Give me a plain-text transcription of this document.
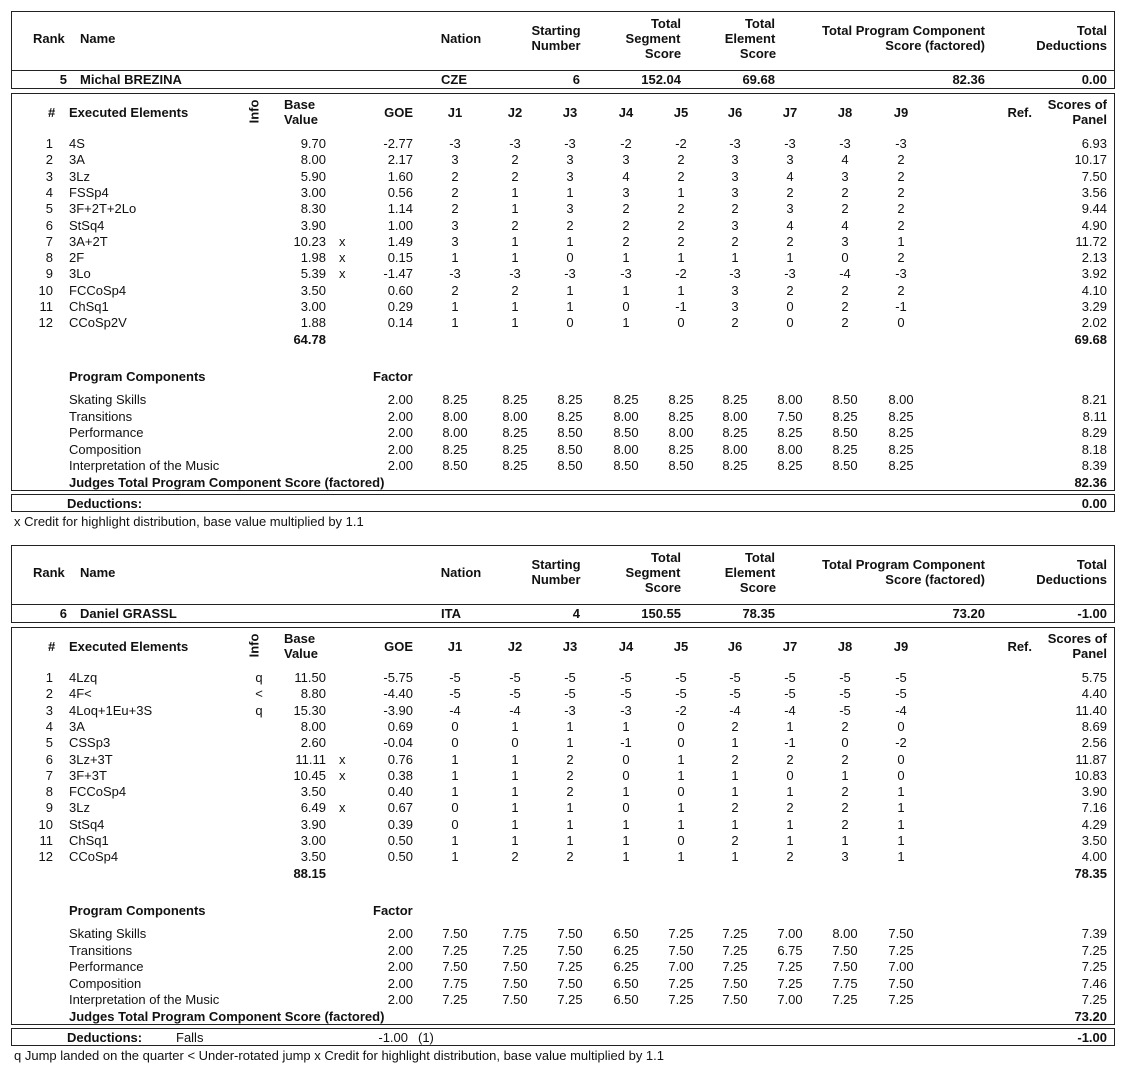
Rank Name	Nation
Starting
Number
Total
Segment
Score
Total
Element
Score
Total Program Component
Score (factored)
Total
Deductions
5 Michal BREZINA	CZE	6	152.04	69.68	82.36	0.00
# Executed Elements	Info Base
Value	GOE	J1	J2	J3	J4	J5	J6	J7	J8	J9	Ref.
Scores of
Panel
1 4S	9.70	-2.77	-3	-3	-3	-2	-2	-3	-3	-3	-3	6.93
2 3A	8.00	2.17	3	2	3	3	2	3	3	4	2	10.17
3 3Lz	5.90	1.60	2	2	3	4	2	3	4	3	2	7.50
4 FSSp4	3.00	0.56	2	1	1	3	1	3	2	2	2	3.56
5 3F+2T+2Lo	8.30	1.14	2	1	3	2	2	2	3	2	2	9.44
6 StSq4	3.90	1.00	3	2	2	2	2	3	4	4	2	4.90
7 3A+2T	10.23 x	1.49	3	1	1	2	2	2	2	3	1	11.72
8 2F	1.98 x	0.15	1	1	0	1	1	1	1	0	2	2.13
9 3Lo	5.39 x	-1.47	-3	-3	-3	-3	-2	-3	-3	-4	-3	3.92
10 FCCoSp4	3.50	0.60	2	2	1	1	1	3	2	2	2	4.10
11 ChSq1	3.00	0.29	1	1	1	0	-1	3	0	2	-1	3.29
12 CCoSp2V	1.88	0.14	1	1	0	1	0	2	0	2	0	2.02
64.78	69.68
Program Components	Factor
Skating Skills	2.00	8.25	8.25	8.25	8.25	8.25	8.25	8.00	8.50	8.00	8.21
Transitions	2.00	8.00	8.00	8.25	8.00	8.25	8.00	7.50	8.25	8.25	8.11
Performance	2.00	8.00	8.25	8.50	8.50	8.00	8.25	8.25	8.50	8.25	8.29
Composition	2.00	8.25	8.25	8.50	8.00	8.25	8.00	8.00	8.25	8.25	8.18
Interpretation of the Music	2.00	8.50	8.25	8.50	8.50	8.50	8.25	8.25	8.50	8.25	8.39
Judges Total Program Component Score (factored)	82.36
Deductions:	0.00
x Credit for highlight distribution, base value multiplied by 1.1
Rank Name	Nation
Starting
Number
Total
Segment
Score
Total
Element
Score
Total Program Component
Score (factored)
Total
Deductions
6 Daniel GRASSL	ITA	4	150.55	78.35	73.20	-1.00
# Executed Elements	Info Base
Value	GOE	J1	J2	J3	J4	J5	J6	J7	J8	J9	Ref.
Scores of
Panel
1 4Lzq	q	11.50	-5.75	-5	-5	-5	-5	-5	-5	-5	-5	-5	5.75
2 4F<	<	8.80	-4.40	-5	-5	-5	-5	-5	-5	-5	-5	-5	4.40
3 4Loq+1Eu+3S	q	15.30	-3.90	-4	-4	-3	-3	-2	-4	-4	-5	-4	11.40
4 3A	8.00	0.69	0	1	1	1	0	2	1	2	0	8.69
5 CSSp3	2.60	-0.04	0	0	1	-1	0	1	-1	0	-2	2.56
6 3Lz+3T	11.11 x	0.76	1	1	2	0	1	2	2	2	0	11.87
7 3F+3T	10.45 x	0.38	1	1	2	0	1	1	0	1	0	10.83
8 FCCoSp4	3.50	0.40	1	1	2	1	0	1	1	2	1	3.90
9 3Lz	6.49 x	0.67	0	1	1	0	1	2	2	2	1	7.16
10 StSq4	3.90	0.39	0	1	1	1	1	1	1	2	1	4.29
11 ChSq1	3.00	0.50	1	1	1	1	0	2	1	1	1	3.50
12 CCoSp4	3.50	0.50	1	2	2	1	1	1	2	3	1	4.00
88.15	78.35
Program Components	Factor
Skating Skills	2.00	7.50	7.75	7.50	6.50	7.25	7.25	7.00	8.00	7.50	7.39
Transitions	2.00	7.25	7.25	7.50	6.25	7.50	7.25	6.75	7.50	7.25	7.25
Performance	2.00	7.50	7.50	7.25	6.25	7.00	7.25	7.25	7.50	7.00	7.25
Composition	2.00	7.75	7.50	7.50	6.50	7.25	7.50	7.25	7.75	7.50	7.46
Interpretation of the Music	2.00	7.25	7.50	7.25	6.50	7.25	7.50	7.00	7.25	7.25	7.25
Judges Total Program Component Score (factored)	73.20
Deductions:	Falls	-1.00 (1)	-1.00
q Jump landed on the quarter < Under-rotated jump x Credit for highlight distribution, base value multiplied by 1.1
